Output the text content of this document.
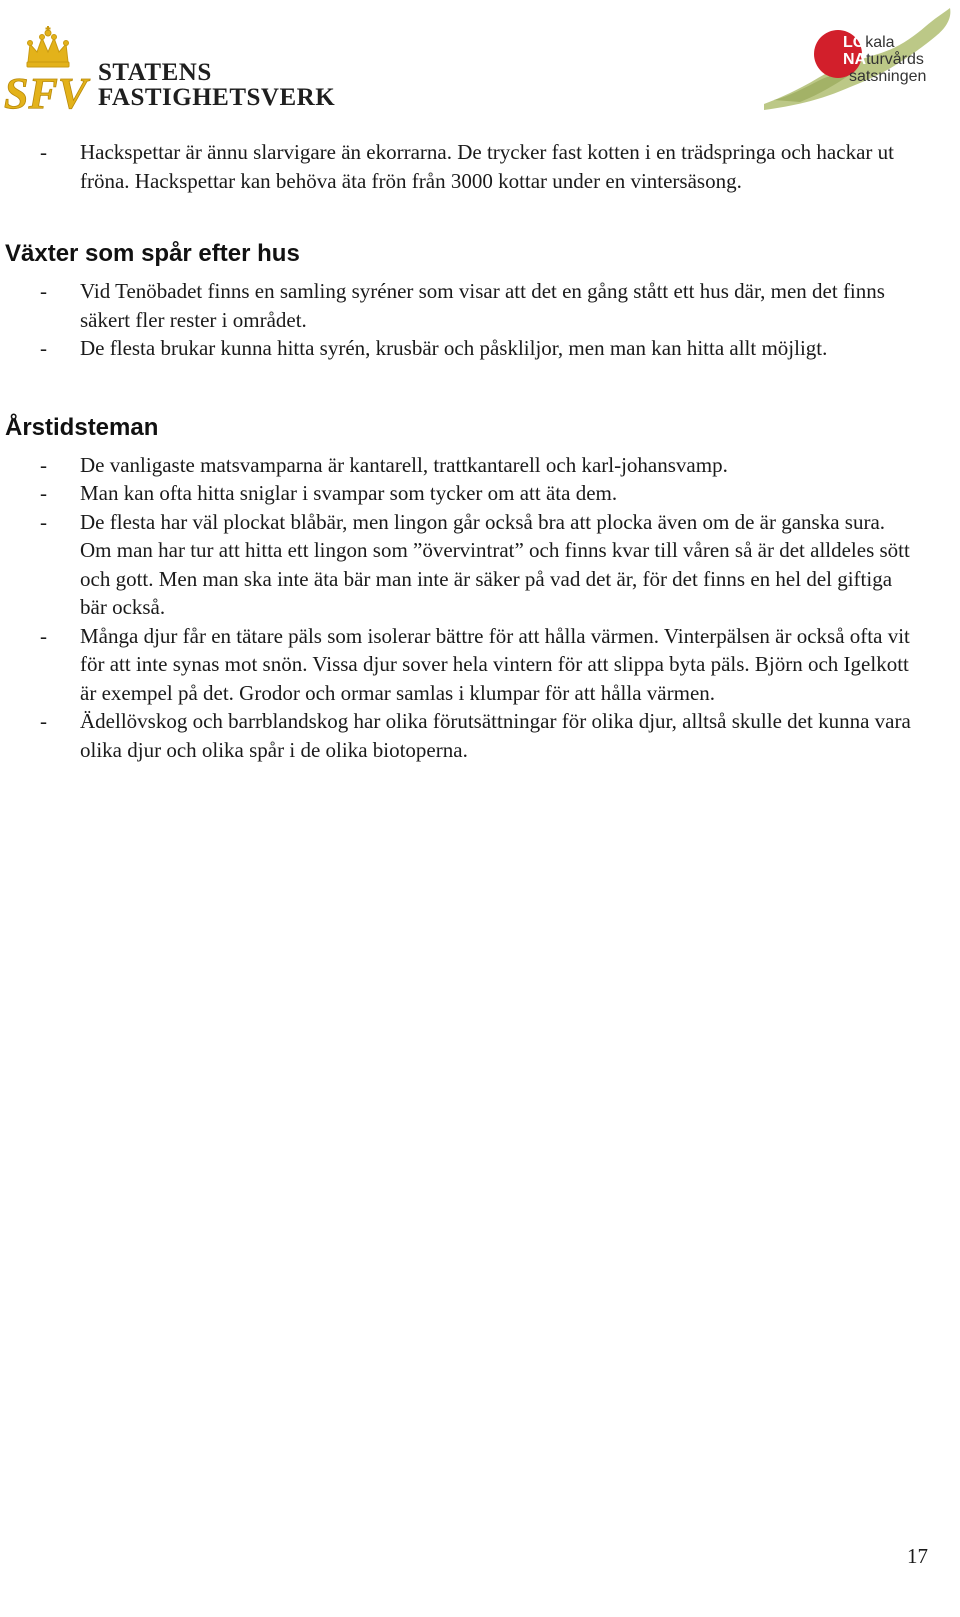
SFV STATENS
FASTIGHETSVERK
LOkala
NAturvårds
satsningen
- Hackspettar är ännu slarvigare än ekorrarna. De trycker fast kotten i en trädspringa och hackar ut fröna. Hackspettar kan behöva äta frön från 3000 kottar under en vintersäsong.
Växter som spår efter hus
- Vid Tenöbadet finns en samling syréner som visar att det en gång stått ett hus där, men det finns säkert fler rester i området.
- De flesta brukar kunna hitta syrén, krusbär och påskliljor, men man kan hitta allt möjligt.
Årstidsteman
- De vanligaste matsvamparna är kantarell, trattkantarell och karl-johansvamp.
- Man kan ofta hitta sniglar i svampar som tycker om att äta dem.
- De flesta har väl plockat blåbär, men lingon går också bra att plocka även om de är ganska sura. Om man har tur att hitta ett lingon som ”övervintrat” och finns kvar till våren så är det alldeles sött och gott. Men man ska inte äta bär man inte är säker på vad det är, för det finns en hel del giftiga bär också.
- Många djur får en tätare päls som isolerar bättre för att hålla värmen. Vinterpälsen är också ofta vit för att inte synas mot snön. Vissa djur sover hela vintern för att slippa byta päls. Björn och Igelkott är exempel på det. Grodor och ormar samlas i klumpar för att hålla värmen.
- Ädellövskog och barrblandskog har olika förutsättningar för olika djur, alltså skulle det kunna vara olika djur och olika spår i de olika biotoperna.
17
